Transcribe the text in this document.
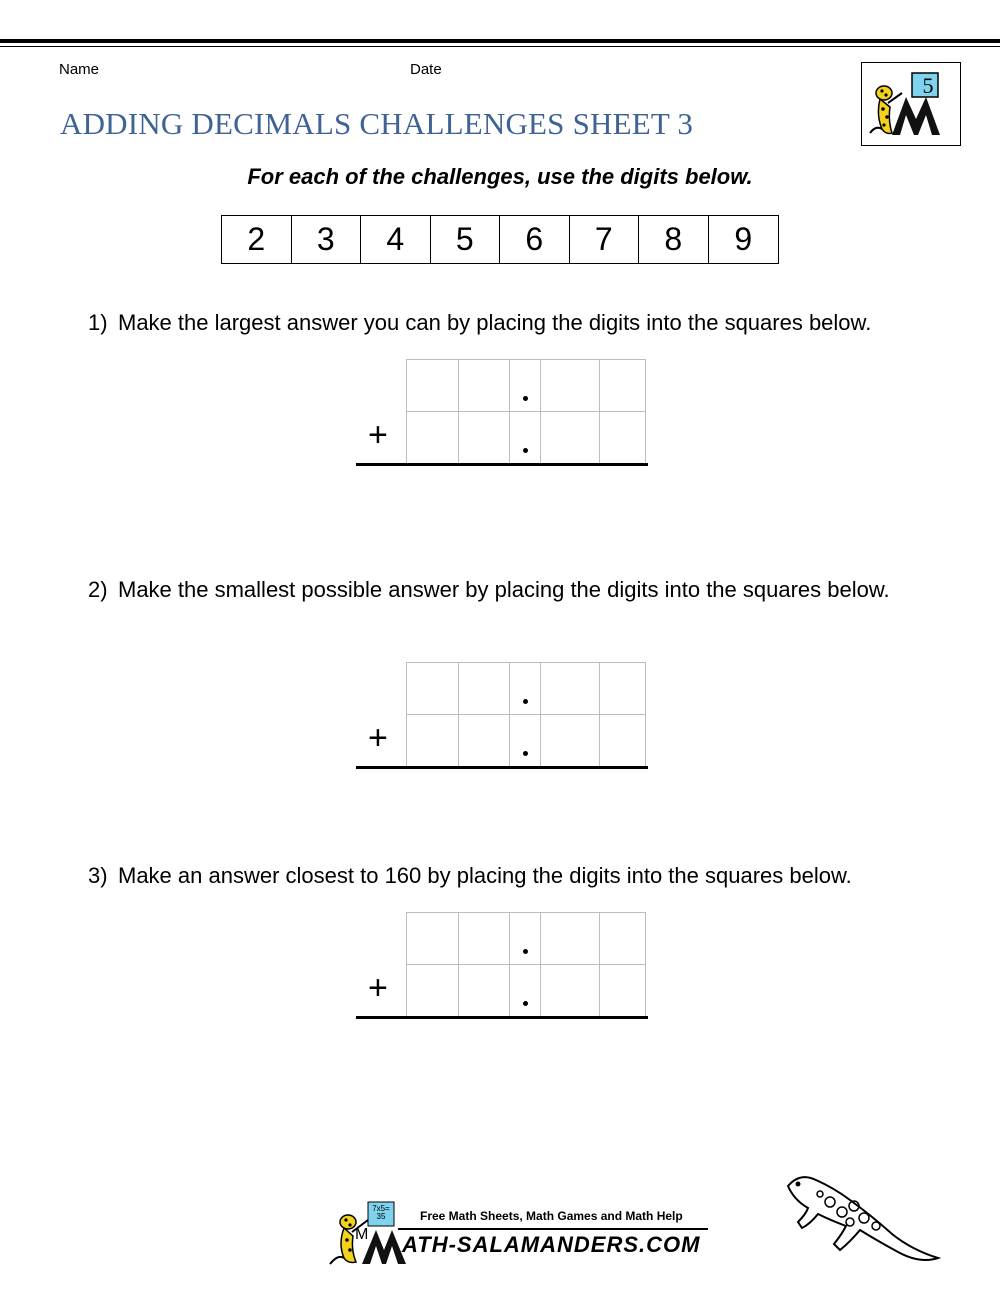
Name	Date
5
ADDING DECIMALS CHALLENGES SHEET 3
For each of the challenges, use the digits below.
2	3	4	5	6	7	8	9
1) Make the largest answer you can by placing the digits into the squares below.
+
2) Make the smallest possible answer by placing the digits into the squares below.
+
3) Make an answer closest to 160 by placing the digits into the squares below.
+
7x5= 35
M
Free Math Sheets, Math Games and Math Help
ATH-SALAMANDERS.COM
